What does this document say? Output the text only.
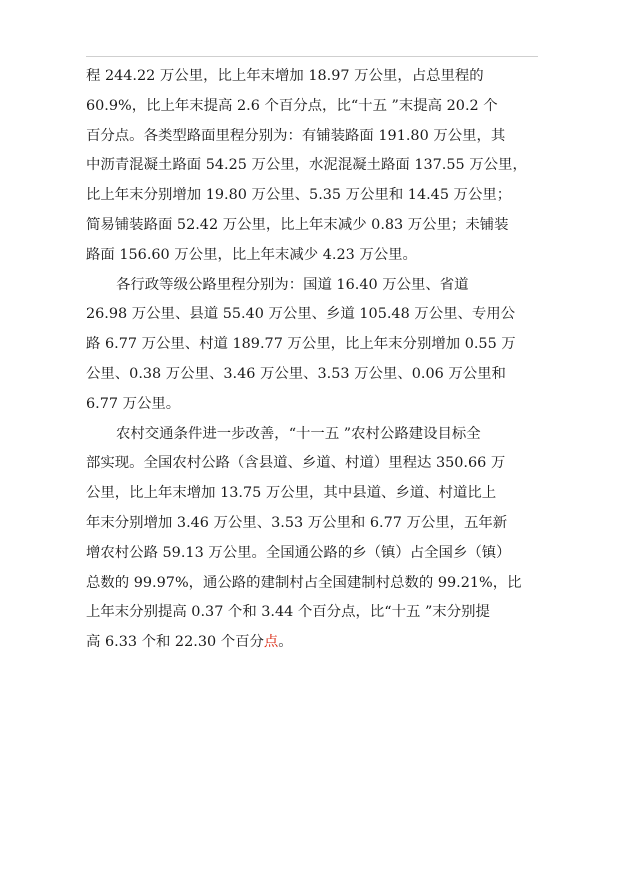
程 244.22 万公里，比上年末增加 18.97 万公里，占总里程的
60.9%，比上年末提高 2.6 个百分点，比“十五 ”末提高 20.2 个
百分点。各类型路面里程分别为：有铺装路面 191.80 万公里，其
中沥青混凝土路面 54.25 万公里，水泥混凝土路面 137.55 万公里，
比上年末分别增加 19.80 万公里、5.35 万公里和 14.45 万公里；
简易铺装路面 52.42 万公里，比上年末减少 0.83 万公里；未铺装
路面 156.60 万公里，比上年末减少 4.23 万公里。
各行政等级公路里程分别为：国道 16.40 万公里、省道
26.98 万公里、县道 55.40 万公里、乡道 105.48 万公里、专用公
路 6.77 万公里、村道 189.77 万公里，比上年末分别增加 0.55 万
公里、0.38 万公里、3.46 万公里、3.53 万公里、0.06 万公里和
6.77 万公里。
农村交通条件进一步改善，“十一五 ”农村公路建设目标全
部实现。全国农村公路（含县道、乡道、村道）里程达 350.66 万
公里，比上年末增加 13.75 万公里，其中县道、乡道、村道比上
年末分别增加 3.46 万公里、3.53 万公里和 6.77 万公里，五年新
增农村公路 59.13 万公里。全国通公路的乡（镇）占全国乡（镇）
总数的 99.97%，通公路的建制村占全国建制村总数的 99.21%，比
上年末分别提高 0.37 个和 3.44 个百分点，比“十五 ”末分别提
高 6.33 个和 22.30 个百分点。
